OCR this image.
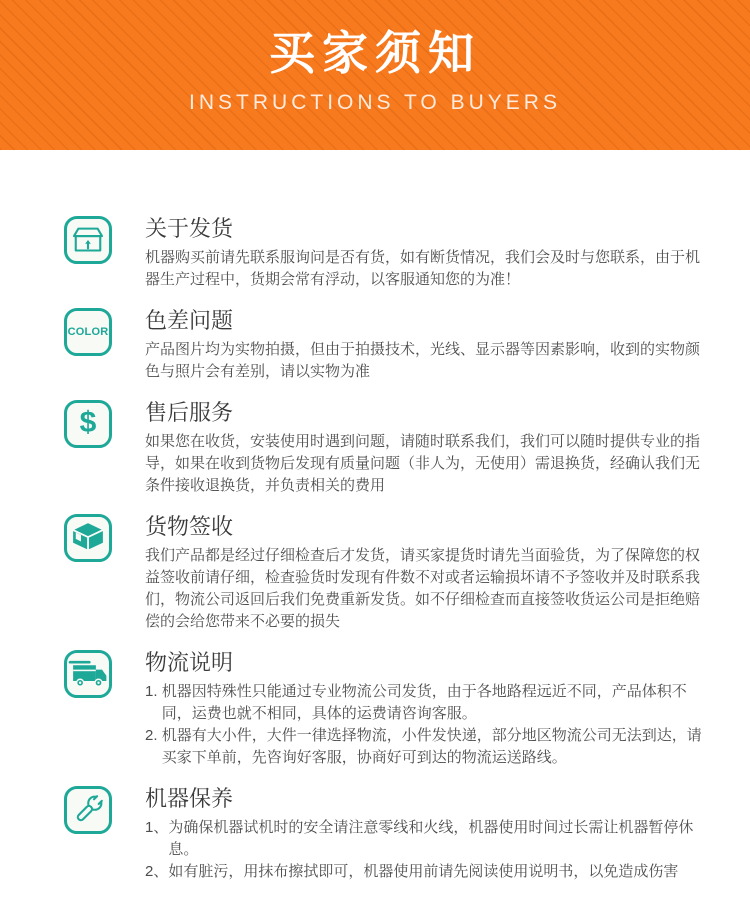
买家须知
INSTRUCTIONS TO BUYERS
关于发货

机器购买前请先联系服询问是否有货，如有断货情况，我们会及时与您联系，由于机器生产过程中，货期会常有浮动，以客服通知您的为准！

COLOR 色差问题

产品图片均为实物拍摄，但由于拍摄技术，光线、显示器等因素影响，收到的实物颜色与照片会有差别，请以实物为准

$ 售后服务

如果您在收货，安装使用时遇到问题，请随时联系我们，我们可以随时提供专业的指导，如果在收到货物后发现有质量问题（非人为，无使用）需退换货，经确认我们无条件接收退换货，并负责相关的费用

货物签收

我们产品都是经过仔细检查后才发货，请买家提货时请先当面验货，为了保障您的权益签收前请仔细，检查验货时发现有件数不对或者运输损坏请不予签收并及时联系我们，物流公司返回后我们免费重新发货。如不仔细检查而直接签收货运公司是拒绝赔偿的会给您带来不必要的损失

物流说明
1. 机器因特殊性只能通过专业物流公司发货，由于各地路程远近不同，产品体积不同，运费也就不相同，具体的运费请咨询客服。
2. 机器有大小件，大件一律选择物流，小件发快递，部分地区物流公司无法到达，请买家下单前，先咨询好客服，协商好可到达的物流运送路线。
机器保养
1、 为确保机器试机时的安全请注意零线和火线，机器使用时间过长需让机器暂停休息。
2、 如有脏污，用抹布擦拭即可，机器使用前请先阅读使用说明书，以免造成伤害
